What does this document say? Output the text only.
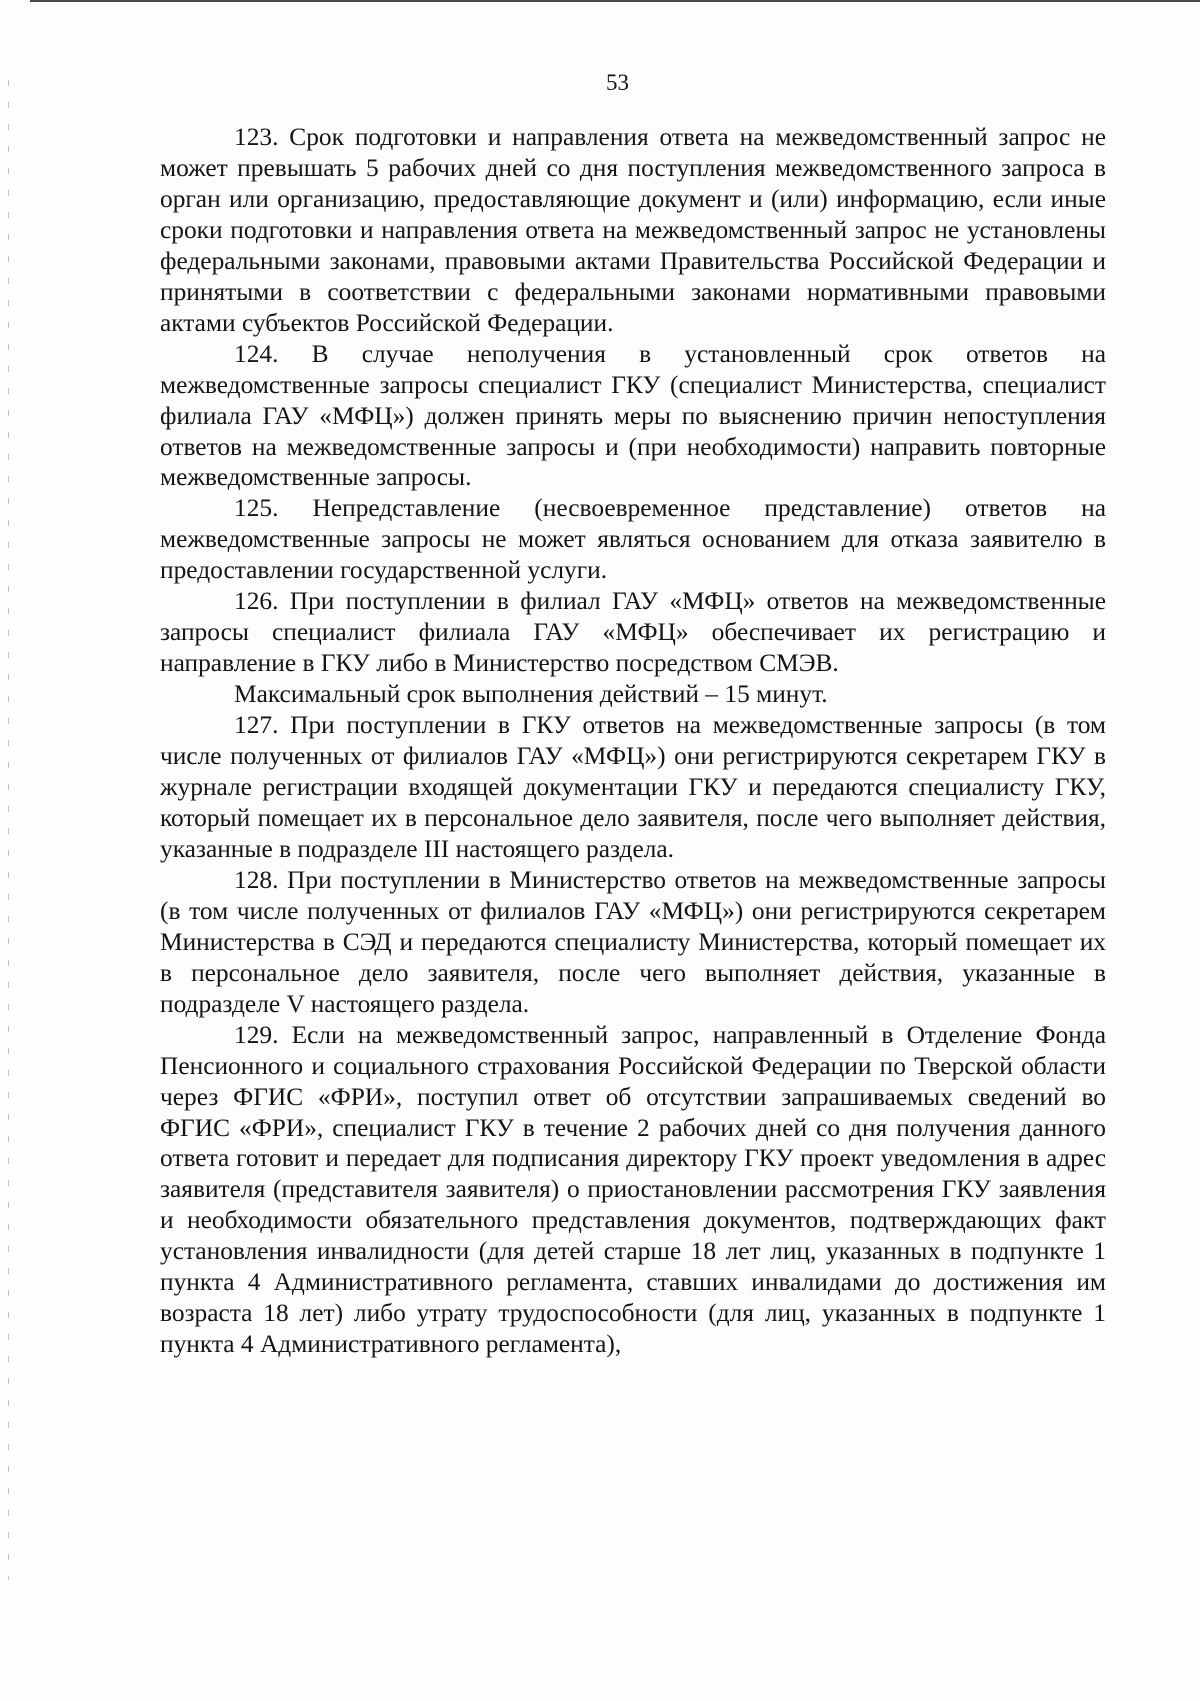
53

123. Срок подготовки и направления ответа на межведомственный запрос не может превышать 5 рабочих дней со дня поступления межведомственного запроса в орган или организацию, предоставляющие документ и (или) информацию, если иные сроки подготовки и направления ответа на межведомственный запрос не установлены федеральными законами, правовыми актами Правительства Российской Федерации и принятыми в соответствии с федеральными законами нормативными правовыми актами субъектов Российской Федерации.

124. В случае неполучения в установленный срок ответов на межведомственные запросы специалист ГКУ (специалист Министерства, специалист филиала ГАУ «МФЦ») должен принять меры по выяснению причин непоступления ответов на межведомственные запросы и (при необходимости) направить повторные межведомственные запросы.

125. Непредставление (несвоевременное представление) ответов на межведомственные запросы не может являться основанием для отказа заявителю в предоставлении государственной услуги.

126. При поступлении в филиал ГАУ «МФЦ» ответов на межведомственные запросы специалист филиала ГАУ «МФЦ» обеспечивает их регистрацию и направление в ГКУ либо в Министерство посредством СМЭВ.

Максимальный срок выполнения действий – 15 минут.

127. При поступлении в ГКУ ответов на межведомственные запросы (в том числе полученных от филиалов ГАУ «МФЦ») они регистрируются секретарем ГКУ в журнале регистрации входящей документации ГКУ и передаются специалисту ГКУ, который помещает их в персональное дело заявителя, после чего выполняет действия, указанные в подразделе III настоящего раздела.

128. При поступлении в Министерство ответов на межведомственные запросы (в том числе полученных от филиалов ГАУ «МФЦ») они регистрируются секретарем Министерства в СЭД и передаются специалисту Министерства, который помещает их в персональное дело заявителя, после чего выполняет действия, указанные в подразделе V настоящего раздела.

129. Если на межведомственный запрос, направленный в Отделение Фонда Пенсионного и социального страхования Российской Федерации по Тверской области через ФГИС «ФРИ», поступил ответ об отсутствии запрашиваемых сведений во ФГИС «ФРИ», специалист ГКУ в течение 2 рабочих дней со дня получения данного ответа готовит и передает для подписания директору ГКУ проект уведомления в адрес заявителя (представителя заявителя) о приостановлении рассмотрения ГКУ заявления и необходимости обязательного представления документов, подтверждающих факт установления инвалидности (для детей старше 18 лет лиц, указанных в подпункте 1 пункта 4 Административного регламента, ставших инвалидами до достижения им возраста 18 лет) либо утрату трудоспособности (для лиц, указанных в подпункте 1 пункта 4 Административного регламента),
